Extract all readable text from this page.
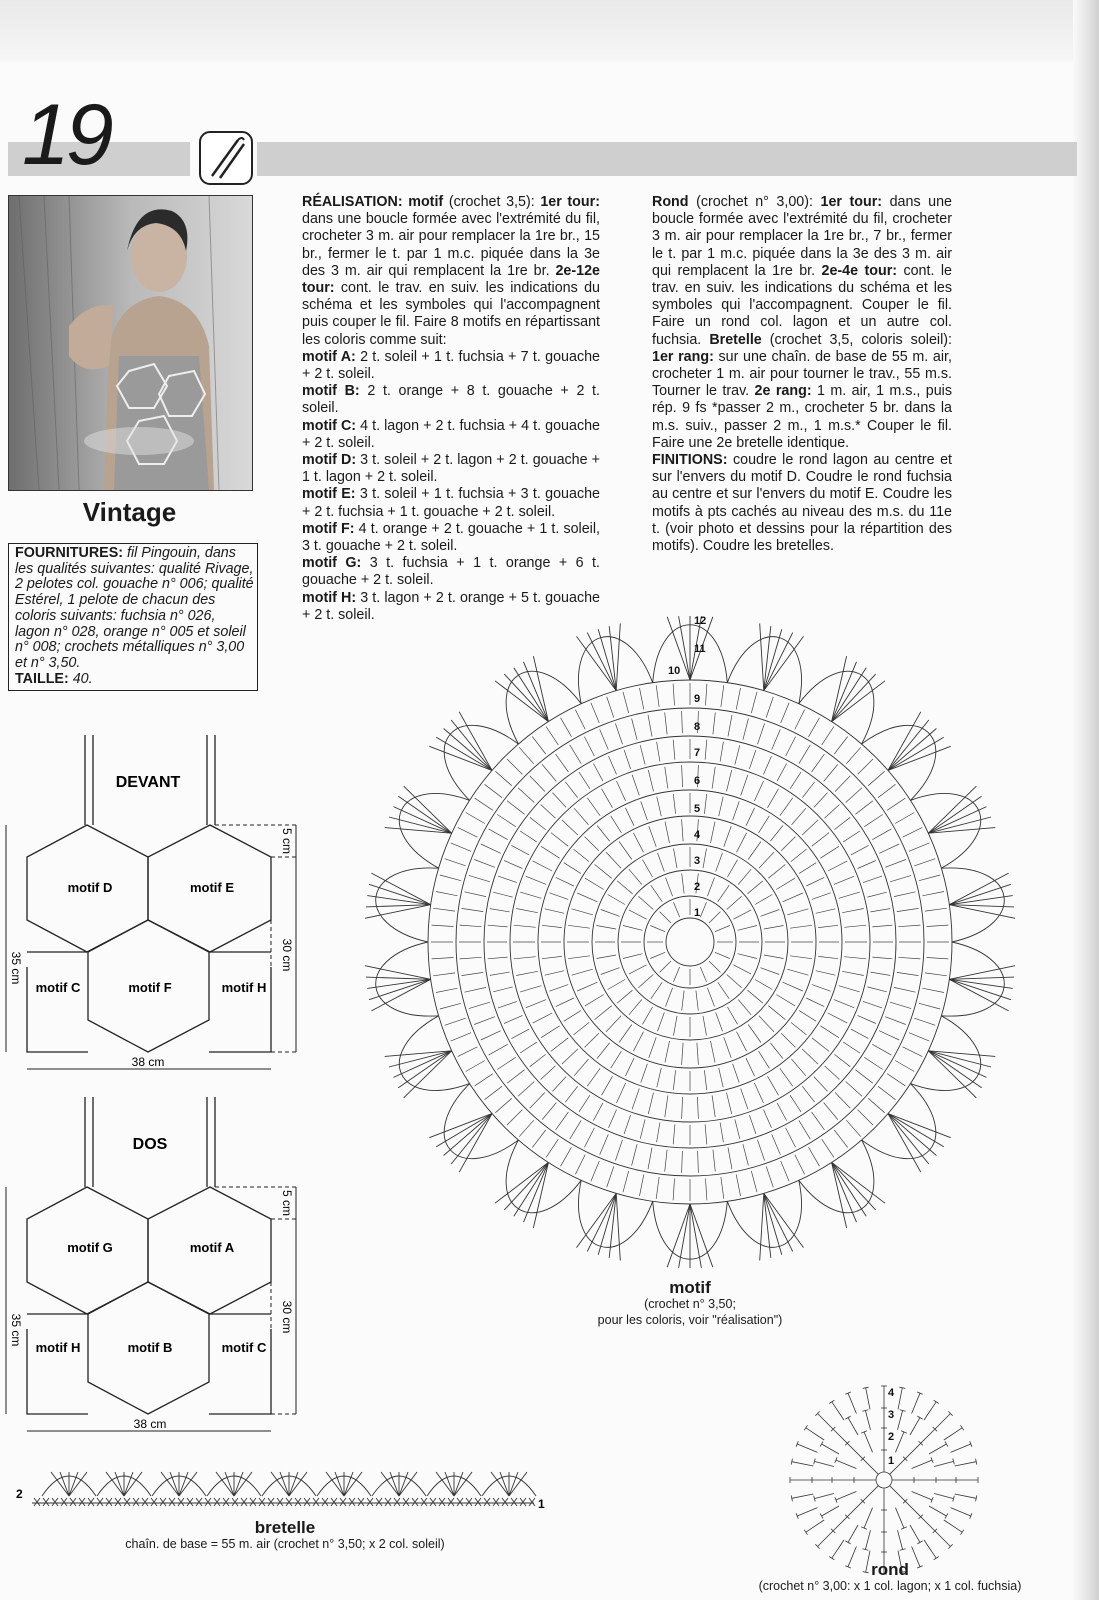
19
Vintage
FOURNITURES: fil Pingouin, dans les qualités suivantes: qualité Rivage, 2 pelotes col. gouache n° 006; qualité Estérel, 1 pelote de chacun des coloris suivants: fuchsia n° 026, lagon n° 028, orange n° 005 et soleil n° 008; crochets métalliques n° 3,00 et n° 3,50.
TAILLE: 40.
RÉALISATION: motif (crochet 3,5): 1er tour: dans une boucle formée avec l'extrémité du fil, crocheter 3 m. air pour remplacer la 1re br., 15 br., fermer le t. par 1 m.c. piquée dans la 3e des 3 m. air qui remplacent la 1re br. 2e-12e tour: cont. le trav. en suiv. les indications du schéma et les symboles qui l'accompagnent puis couper le fil. Faire 8 motifs en répartissant les coloris comme suit:
motif A: 2 t. soleil + 1 t. fuchsia + 7 t. gouache + 2 t. soleil.
motif B: 2 t. orange + 8 t. gouache + 2 t. soleil.
motif C: 4 t. lagon + 2 t. fuchsia + 4 t. gouache + 2 t. soleil.
motif D: 3 t. soleil + 2 t. lagon + 2 t. gouache + 1 t. lagon + 2 t. soleil.
motif E: 3 t. soleil + 1 t. fuchsia + 3 t. gouache + 2 t. fuchsia + 1 t. gouache + 2 t. soleil.
motif F: 4 t. orange + 2 t. gouache + 1 t. soleil, 3 t. gouache + 2 t. soleil.
motif G: 3 t. fuchsia + 1 t. orange + 6 t. gouache + 2 t. soleil.
motif H: 3 t. lagon + 2 t. orange + 5 t. gouache + 2 t. soleil.
Rond (crochet n° 3,00): 1er tour: dans une boucle formée avec l'extrémité du fil, crocheter 3 m. air pour remplacer la 1re br., 7 br., fermer le t. par 1 m.c. piquée dans la 3e des 3 m. air qui remplacent la 1re br. 2e-4e tour: cont. le trav. en suiv. les indications du schéma et les symboles qui l'accompagnent. Couper le fil. Faire un rond col. lagon et un autre col. fuchsia. Bretelle (crochet 3,5, coloris soleil): 1er rang: sur une chaîn. de base de 55 m. air, crocheter 1 m. air pour tourner le trav., 55 m.s. Tourner le trav. 2e rang: 1 m. air, 1 m.s., puis rép. 9 fs *passer 2 m., crocheter 5 br. dans la m.s. suiv., passer 2 m., 1 m.s.* Couper le fil. Faire une 2e bretelle identique.
FINITIONS: coudre le rond lagon au centre et sur l'envers du motif D. Coudre le rond fuchsia au centre et sur l'envers du motif E. Coudre les motifs à pts cachés au niveau des m.s. du 11e t. (voir photo et dessins pour la répartition des motifs). Coudre les bretelles.
DEVANT
motif D	motif E
motif C	motif F	motif H
35 cm	30 cm
5 cm
38 cm
DOS
motif G	motif A
motif H	motif B	motif C
35 cm	30 cm
5 cm
38 cm
1
2
3
4
5
6
7
8
9
10
11
12
motif
(crochet n° 3,50;
pour les coloris, voir "réalisation")
2
1
bretelle
chaîn. de base = 55 m. air (crochet n° 3,50; x 2 col. soleil)
1
2
3
4
rond
(crochet n° 3,00: x 1 col. lagon; x 1 col. fuchsia)
